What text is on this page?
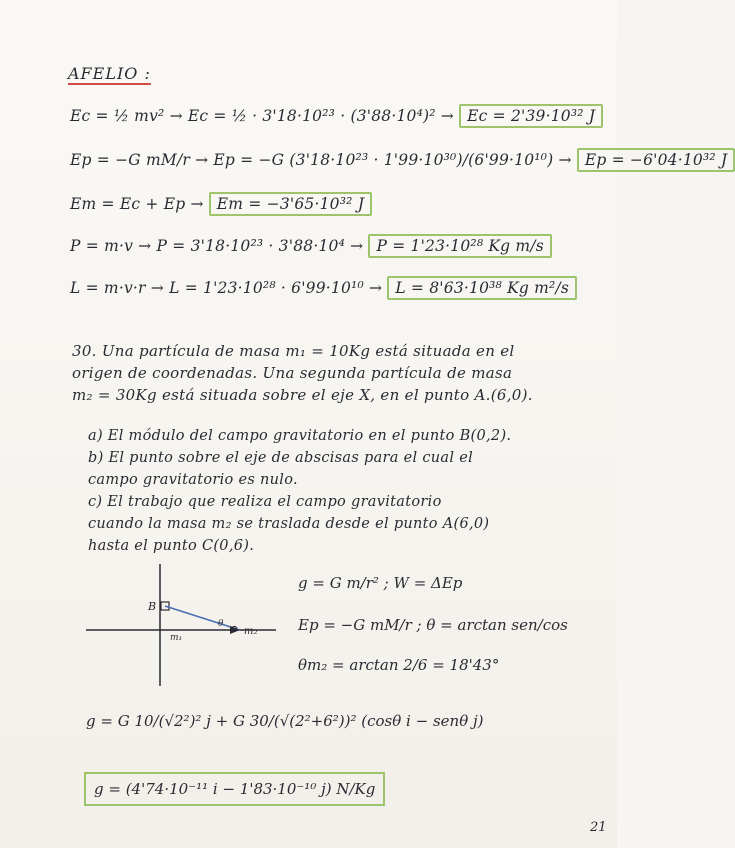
AFELIO :
Ec = ½ mv² → Ec = ½ · 3'18·10²³ · (3'88·10⁴)² → Ec = 2'39·10³² J
Ep = −G mM/r → Ep = −G (3'18·10²³ · 1'99·10³⁰)/(6'99·10¹⁰) → Ep = −6'04·10³² J
Em = Ec + Ep → Em = −3'65·10³² J
P = m·v → P = 3'18·10²³ · 3'88·10⁴ → P = 1'23·10²⁸ Kg m/s
L = m·v·r → L = 1'23·10²⁸ · 6'99·10¹⁰ → L = 8'63·10³⁸ Kg m²/s
30. Una partícula de masa m₁ = 10Kg está situada en el
origen de coordenadas. Una segunda partícula de masa
m₂ = 30Kg está situada sobre el eje X, en el punto A.(6,0).
a) El módulo del campo gravitatorio en el punto B(0,2).
b) El punto sobre el eje de abscisas para el cual el
campo gravitatorio es nulo.
c) El trabajo que realiza el campo gravitatorio
cuando la masa m₂ se traslada desde el punto A(6,0)
hasta el punto C(0,6).
B
m₁
m₂
θ
g = G m/r² ; W = ΔEp
Ep = −G mM/r ; θ = arctan sen/cos
θm₂ = arctan 2/6 = 18'43°
g = G 10/(√2²)² j + G 30/(√(2²+6²))² (cosθ i − senθ j)
g = (4'74·10⁻¹¹ i − 1'83·10⁻¹⁰ j) N/Kg
21
